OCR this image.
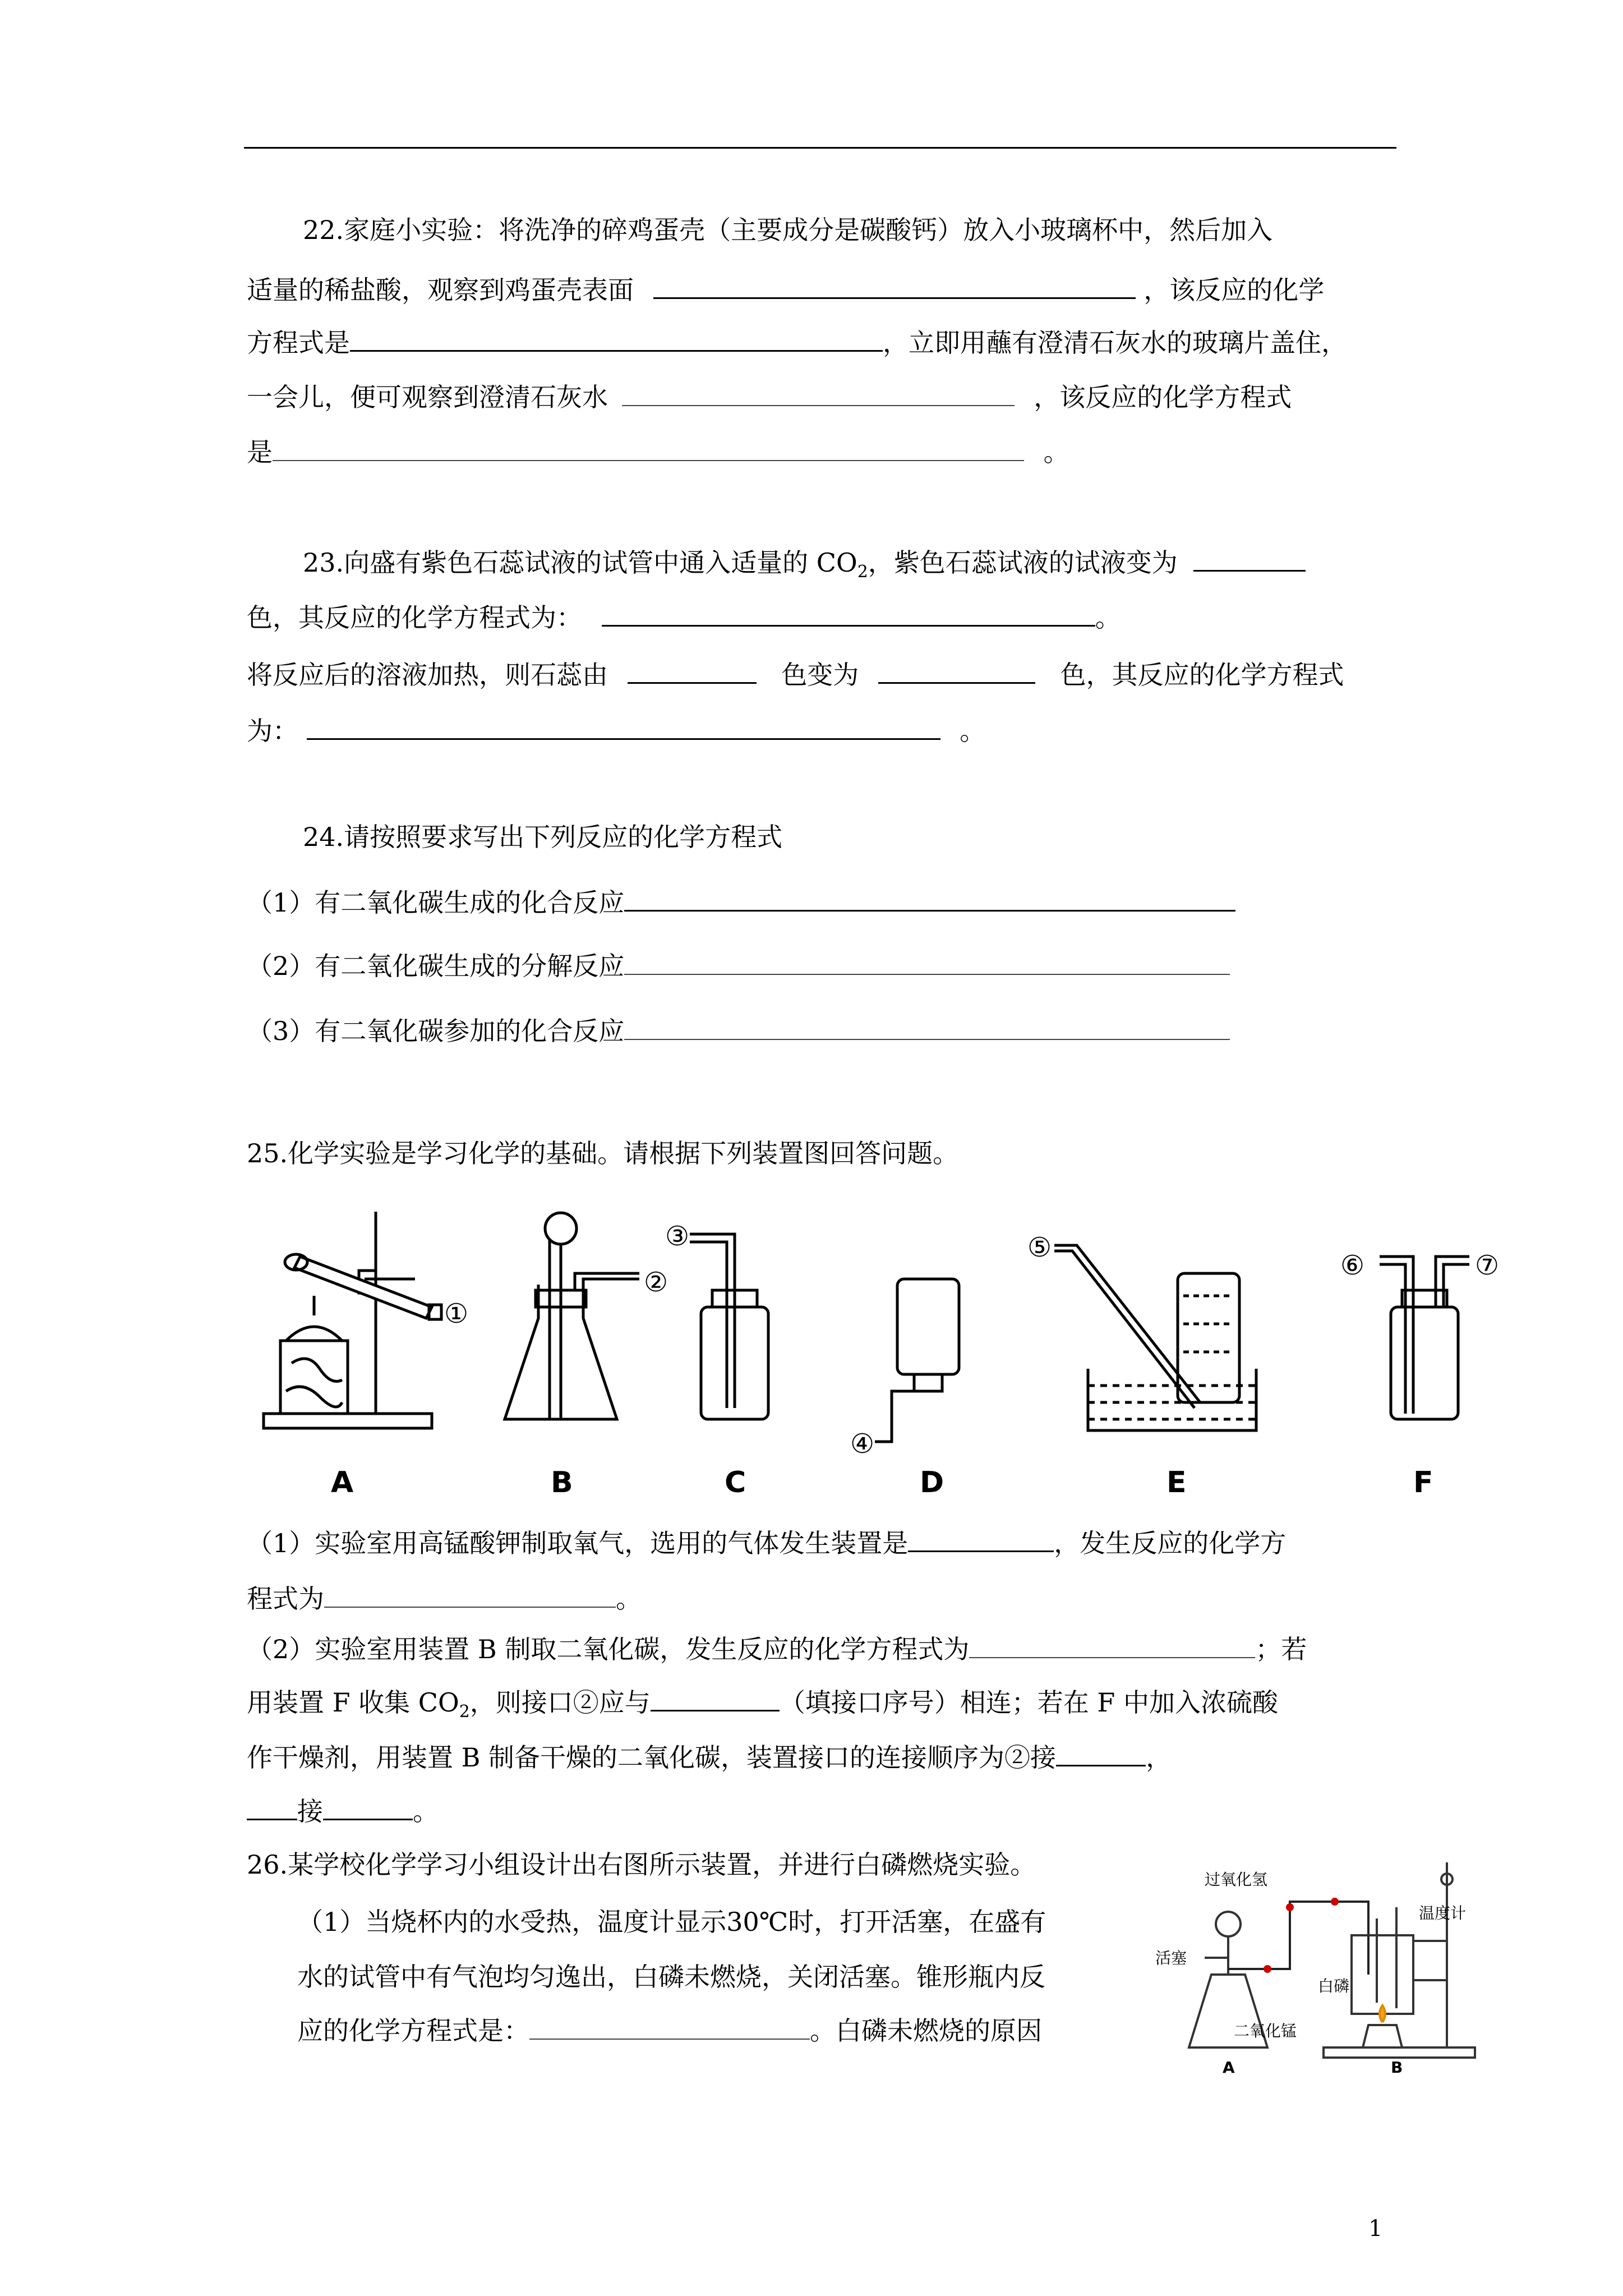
22.家庭小实验：将洗净的碎鸡蛋壳（主要成分是碳酸钙）放入小玻璃杯中，然后加入
适量的稀盐酸，观察到鸡蛋壳表面	，该反应的化学
方程式是	，立即用蘸有澄清石灰水的玻璃片盖住，
一会儿，便可观察到澄清石灰水	，该反应的化学方程式
是	。
23.向盛有紫色石蕊试液的试管中通入适量的 $CO_2$，紫色石蕊试液的试液变为
色，其反应的化学方程式为：	。
将反应后的溶液加热，则石蕊由	色变为	色，其反应的化学方程式
为：	。
24.请按照要求写出下列反应的化学方程式
（1）有二氧化碳生成的化合反应
（2）有二氧化碳生成的分解反应
（3）有二氧化碳参加的化合反应
25.化学实验是学习化学的基础。请根据下列装置图回答问题。
①
②
③
④
⑤
⑥	⑦
A	B	C	D	E	F
（1）实验室用高锰酸钾制取氧气，选用的气体发生装置是	，发生反应的化学方
程式为	。
（2）实验室用装置 B 制取二氧化碳，发生反应的化学方程式为	；若
用装置 F 收集 $CO_2$，则接口②应与	（填接口序号）相连；若在 F 中加入浓硫酸
作干燥剂，用装置 B 制备干燥的二氧化碳，装置接口的连接顺序为②接	，
接	。
26.某学校化学学习小组设计出右图所示装置，并进行白磷燃烧实验。
（1）当烧杯内的水受热，温度计显示30℃时，打开活塞，在盛有
水的试管中有气泡均匀逸出，白磷未燃烧，关闭活塞。锥形瓶内反
应的化学方程式是：	。白磷未燃烧的原因
过氧化氢
活塞
温度计
白磷
二氧化锰
A	B
1
